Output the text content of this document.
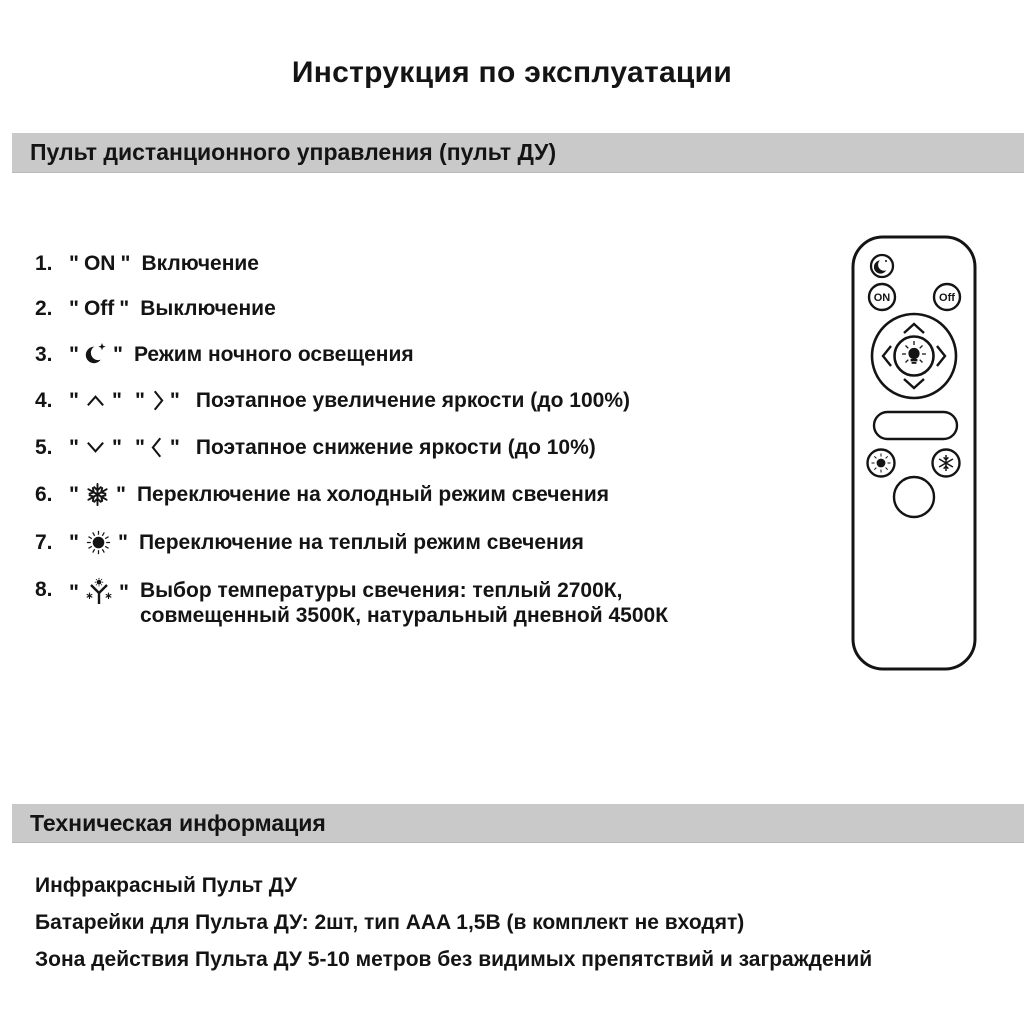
Инструкция по эксплуатации
Пульт дистанционного управления (пульт ДУ)
1. " ON " Включение
2. " Off " Выключение
3. " " Режим ночного освещения
4. " " " " Поэтапное увеличение яркости (до 100%)
5. " " " " Поэтапное снижение яркости (до 10%)
6. " " Переключение на холодный режим свечения
7. " " Переключение на теплый режим свечения
8. " " Выбор температуры свечения: теплый 2700К,
совмещенный 3500К, натуральный дневной 4500К
ON	Off
Техническая информация
Инфракрасный Пульт ДУ
Батарейки для Пульта ДУ: 2шт, тип AAA 1,5В (в комплект не входят)
Зона действия Пульта ДУ 5-10 метров без видимых препятствий и заграждений
